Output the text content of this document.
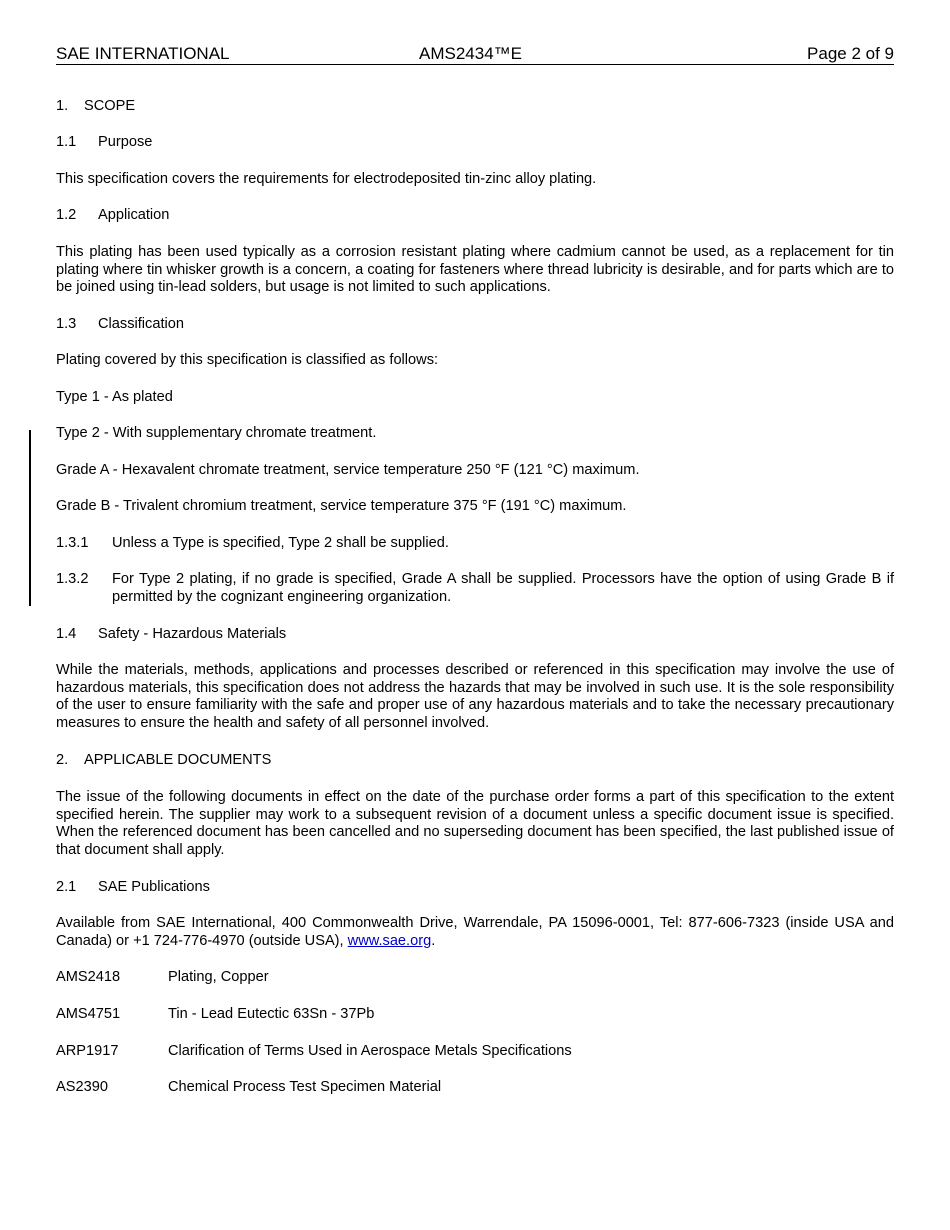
SAE INTERNATIONAL	AMS2434™E	Page 2 of 9
1. SCOPE
1.1 Purpose
This specification covers the requirements for electrodeposited tin-zinc alloy plating.
1.2 Application
This plating has been used typically as a corrosion resistant plating where cadmium cannot be used, as a replacement for tin plating where tin whisker growth is a concern, a coating for fasteners where thread lubricity is desirable, and for parts which are to be joined using tin-lead solders, but usage is not limited to such applications.
1.3 Classification
Plating covered by this specification is classified as follows:
Type 1 - As plated
Type 2 - With supplementary chromate treatment.
Grade A - Hexavalent chromate treatment, service temperature 250 °F (121 °C) maximum.
Grade B - Trivalent chromium treatment, service temperature 375 °F (191 °C) maximum.
1.3.1 Unless a Type is specified, Type 2 shall be supplied.
1.3.2 For Type 2 plating, if no grade is specified, Grade A shall be supplied. Processors have the option of using Grade B if permitted by the cognizant engineering organization.
1.4 Safety - Hazardous Materials
While the materials, methods, applications and processes described or referenced in this specification may involve the use of hazardous materials, this specification does not address the hazards that may be involved in such use. It is the sole responsibility of the user to ensure familiarity with the safe and proper use of any hazardous materials and to take the necessary precautionary measures to ensure the health and safety of all personnel involved.
2. APPLICABLE DOCUMENTS
The issue of the following documents in effect on the date of the purchase order forms a part of this specification to the extent specified herein. The supplier may work to a subsequent revision of a document unless a specific document issue is specified. When the referenced document has been cancelled and no superseding document has been specified, the last published issue of that document shall apply.
2.1 SAE Publications
Available from SAE International, 400 Commonwealth Drive, Warrendale, PA 15096-0001, Tel: 877-606-7323 (inside USA and Canada) or +1 724-776-4970 (outside USA), www.sae.org.
AMS2418	Plating, Copper
AMS4751	Tin - Lead Eutectic 63Sn - 37Pb
ARP1917	Clarification of Terms Used in Aerospace Metals Specifications
AS2390	Chemical Process Test Specimen Material
